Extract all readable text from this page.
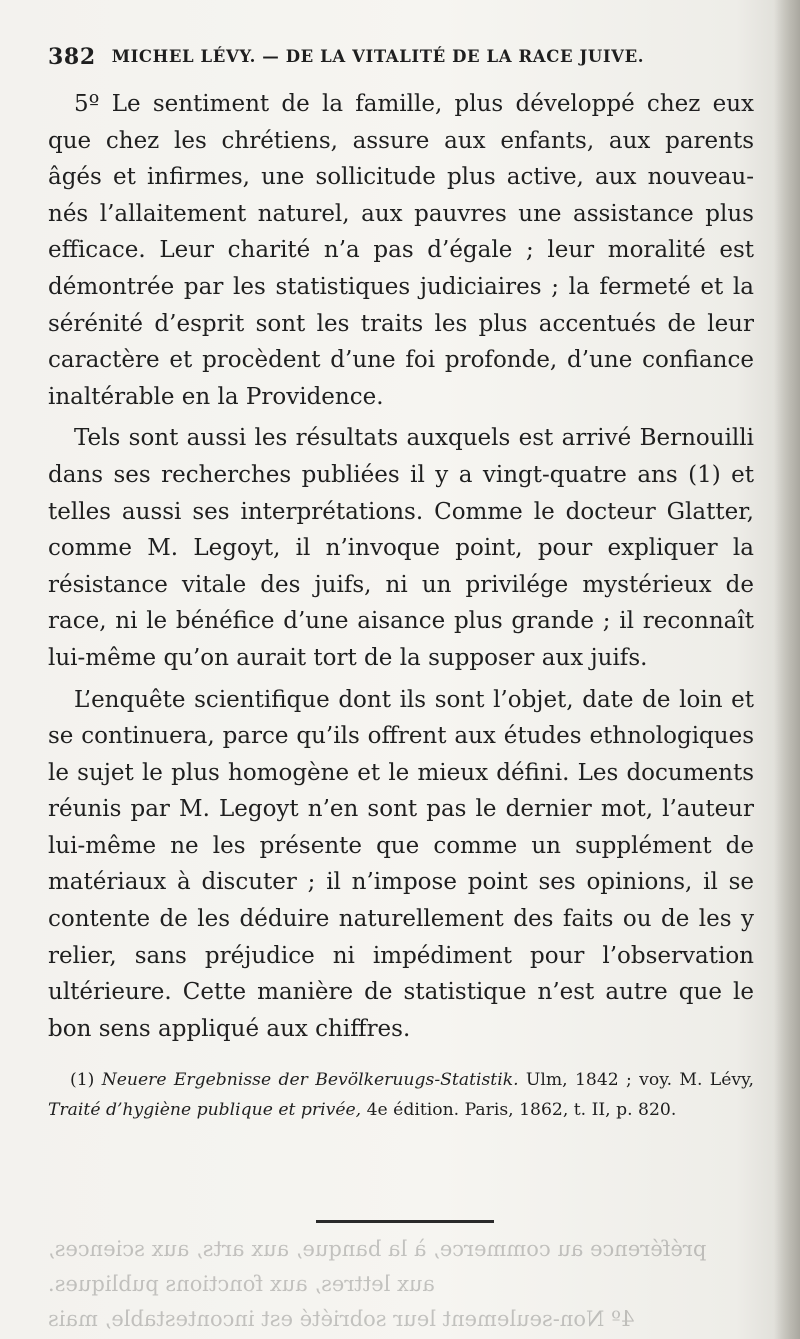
382 MICHEL LÉVY. — DE LA VITALITÉ DE LA RACE JUIVE.

5º Le sentiment de la famille, plus développé chez eux que chez les chrétiens, assure aux enfants, aux parents âgés et infirmes, une sollicitude plus active, aux nouveau-nés l’allaitement naturel, aux pauvres une assistance plus efficace. Leur charité n’a pas d’égale ; leur moralité est démontrée par les statistiques judiciaires ; la fermeté et la sérénité d’esprit sont les traits les plus accentués de leur caractère et procèdent d’une foi profonde, d’une confiance inaltérable en la Providence.

Tels sont aussi les résultats auxquels est arrivé Bernouilli dans ses recherches publiées il y a vingt-quatre ans (1) et telles aussi ses interprétations. Comme le docteur Glatter, comme M. Legoyt, il n’invoque point, pour expliquer la résistance vitale des juifs, ni un privilége mystérieux de race, ni le bénéfice d’une aisance plus grande ; il reconnaît lui-même qu’on aurait tort de la supposer aux juifs.

L’enquête scientifique dont ils sont l’objet, date de loin et se continuera, parce qu’ils offrent aux études ethnologiques le sujet le plus homogène et le mieux défini. Les documents réunis par M. Legoyt n’en sont pas le dernier mot, l’auteur lui-même ne les présente que comme un supplément de matériaux à discuter ; il n’impose point ses opinions, il se contente de les déduire naturellement des faits ou de les y relier, sans préjudice ni impédiment pour l’observation ultérieure. Cette manière de statistique n’est autre que le bon sens appliqué aux chiffres.

(1) Neuere Ergebnisse der Bevölkeruugs-Statistik. Ulm, 1842 ; voy. M. Lévy, Traité d’hygiène publique et privée, 4e édition. Paris, 1862, t. II, p. 820.

préférence au commerce, à la banque, aux arts, aux sciences,
aux lettres, aux fonctions publiques.
4º Non-seulement leur sobriété est incontestable, mais
